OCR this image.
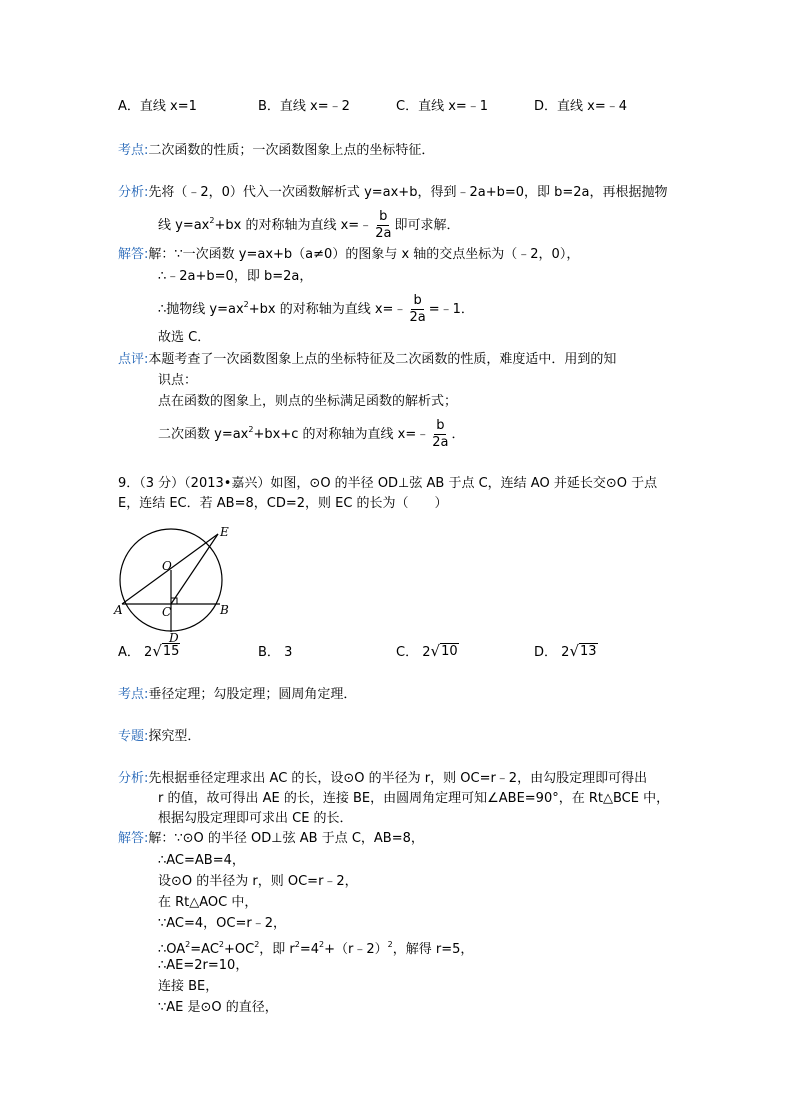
A．直线 x=1	B．直线 x=﹣2	C．直线 x=﹣1	D．直线 x=﹣4
考点:二次函数的性质；一次函数图象上点的坐标特征．
分析:先将（﹣2，0）代入一次函数解析式 y=ax+b，得到﹣2a+b=0，即 b=2a，再根据抛物
线 $y=ax^2+bx$ 的对称轴为直线 x=﹣ $\frac{b}{2a}$ 即可求解．
解答:解：∵一次函数 y=ax+b（a≠0）的图象与 x 轴的交点坐标为（﹣2，0），
∴﹣2a+b=0，即 b=2a，
∴抛物线 $y=ax^2+bx$ 的对称轴为直线 x=﹣ $\frac{b}{2a}$ =﹣1．
故选 C．
点评:本题考查了一次函数图象上点的坐标特征及二次函数的性质，难度适中．用到的知
识点：
点在函数的图象上，则点的坐标满足函数的解析式；
二次函数 $y=ax^2+bx+c$ 的对称轴为直线 x=﹣ $\frac{b}{2a}$ ．
9．（3 分）（2013•嘉兴）如图，⊙O 的半径 OD⊥弦 AB 于点 C，连结 AO 并延长交⊙O 于点
E，连结 EC．若 AB=8，CD=2，则 EC 的长为（　　）
O
E
A	B
C
D
A． 2 √ 15	B． 3	C． 2 √ 10	D． 2 √ 13
考点:垂径定理；勾股定理；圆周角定理．
专题:探究型．
分析:先根据垂径定理求出 AC 的长，设⊙O 的半径为 r，则 OC=r﹣2，由勾股定理即可得出
r 的值，故可得出 AE 的长，连接 BE，由圆周角定理可知∠ABE=90°，在 Rt△BCE 中，
根据勾股定理即可求出 CE 的长．
解答:解：∵⊙O 的半径 OD⊥弦 AB 于点 C，AB=8，
∴AC=AB=4，
设⊙O 的半径为 r，则 OC=r﹣2，
在 Rt△AOC 中，
∵AC=4，OC=r﹣2，
$\therefore OA^2=AC^2+OC^2$，即 $r^2=4^2+(r﹣2)^2$，解得 r=5，
∴AE=2r=10，
连接 BE，
∵AE 是⊙O 的直径，
